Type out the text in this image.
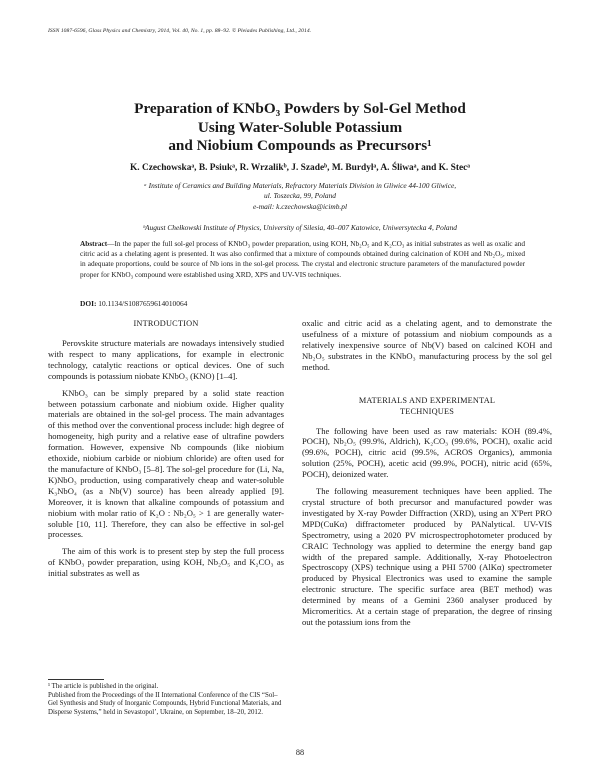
ISSN 1087-6596, Glass Physics and Chemistry, 2014, Vol. 40, No. 1, pp. 88–92. © Pleiades Publishing, Ltd., 2014.
Preparation of KNbO₃ Powders by Sol-Gel Method
Using Water-Soluble Potassium
and Niobium Compounds as Precursors¹
K. Czechowskaᵃ, B. Psiukᵃ, R. Wrzalikᵇ, J. Szadeᵇ, M. Burdylᵃ, A. Śliwaᵃ, and K. Stecᵃ
ᵃ Institute of Ceramics and Building Materials, Refractory Materials Division in Gliwice 44-100 Gliwice,
ul. Toszecka, 99, Poland
e-mail: k.czechowska@icimb.pl
ᵇAugust Chełkowski Institute of Physics, University of Silesia, 40–007 Katowice, Uniwersytecka 4, Poland
Abstract—In the paper the full sol-gel process of KNbO₃ powder preparation, using KOH, Nb₂O₅ and K₂CO₃ as initial substrates as well as oxalic and citric acid as a chelating agent is presented. It was also confirmed that a mixture of compounds obtained during calcination of KOH and Nb₂O₅, mixed in adequate proportions, could be source of Nb ions in the sol-gel process. The crystal and electronic structure parameters of the manufactured powder proper for KNbO₃ compound were established using XRD, XPS and UV-VIS techniques.
DOI: 10.1134/S1087659614010064
INTRODUCTION

Perovskite structure materials are nowadays intensively studied with respect to many applications, for example in electronic technology, catalytic reactions or optical devices. One of such compounds is potassium niobate KNbO₃ (KNO) [1–4].

KNbO₃ can be simply prepared by a solid state reaction between potassium carbonate and niobium oxide. Higher quality materials are obtained in the sol-gel process. The main advantages of this method over the conventional process include: high degree of homogeneity, high purity and a relative ease of ultrafine powders formation. However, expensive Nb compounds (like niobium ethoxide, niobium carbide or niobium chloride) are often used for the manufacture of KNbO₃ [5–8]. The sol-gel procedure for (Li, Na, K)NbO₃ production, using comparatively cheap and water-soluble K₃NbO₄ (as a Nb(V) source) has been already applied [9]. Moreover, it is known that alkaline compounds of potassium and niobium with molar ratio of K₂O : Nb₂O₅ > 1 are generally water-soluble [10, 11]. Therefore, they can also be effective in sol-gel processes.

The aim of this work is to present step by step the full process of KNbO₃ powder preparation, using KOH, Nb₂O₅ and K₂CO₃ as initial substrates as well as

oxalic and citric acid as a chelating agent, and to demonstrate the usefulness of a mixture of potassium and niobium compounds as a relatively inexpensive source of Nb(V) based on calcined KOH and Nb₂O₅ substrates in the KNbO₃ manufacturing process by the sol gel method.

MATERIALS AND EXPERIMENTAL
TECHNIQUES

The following have been used as raw materials: KOH (89.4%, POCH), Nb₂O₅ (99.9%, Aldrich), K₂CO₃ (99.6%, POCH), oxalic acid (99.6%, POCH), citric acid (99.5%, ACROS Organics), ammonia solution (25%, POCH), acetic acid (99.9%, POCH), nitric acid (65%, POCH), deionized water.

The following measurement techniques have been applied. The crystal structure of both precursor and manufactured powder was investigated by X-ray Powder Diffraction (XRD), using an X'Pert PRO MPD(CuKα) diffractometer produced by PANalytical. UV-VIS Spectrometry, using a 2020 PV microspectrophotometer produced by CRAIC Technology was applied to determine the energy band gap width of the prepared sample. Additionally, X-ray Photoelectron Spectroscopy (XPS) technique using a PHI 5700 (AlKα) spectrometer produced by Physical Electronics was used to examine the sample electronic structure. The specific surface area (BET method) was determined by means of a Gemini 2360 analyser produced by Micromeritics. At a certain stage of preparation, the degree of rinsing out the potassium ions from the

¹ The article is published in the original.
Published from the Proceedings of the II International Conference of the CIS “Sol–Gel Synthesis and Study of Inorganic Compounds, Hybrid Functional Materials, and Disperse Systems,” held in Sevastopol’, Ukraine, on September, 18–20, 2012.
88
